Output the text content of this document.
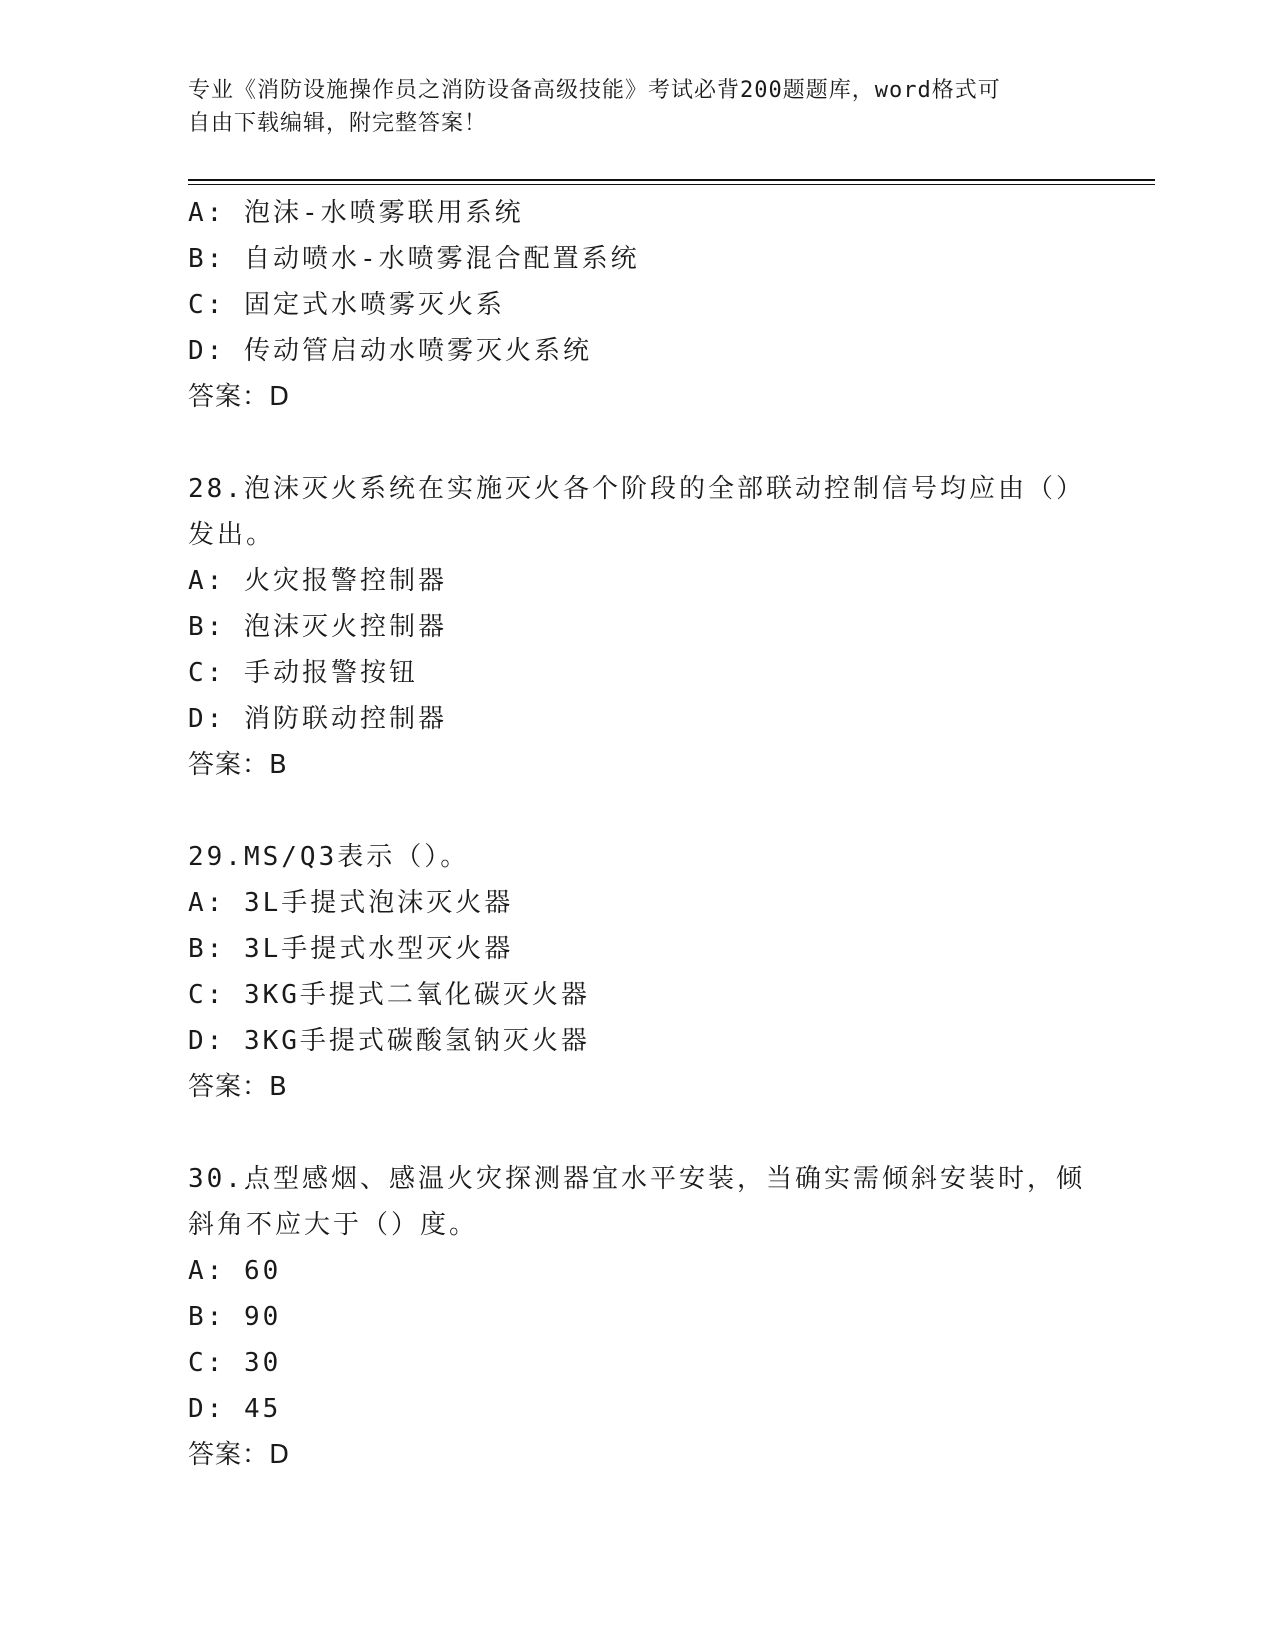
专业《消防设施操作员之消防设备高级技能》考试必背200题题库，word格式可
自由下载编辑，附完整答案！
A: 泡沫-水喷雾联用系统
B: 自动喷水-水喷雾混合配置系统
C: 固定式水喷雾灭火系
D: 传动管启动水喷雾灭火系统
答案：D
28.泡沫灭火系统在实施灭火各个阶段的全部联动控制信号均应由（）
发出。
A: 火灾报警控制器
B: 泡沫灭火控制器
C: 手动报警按钮
D: 消防联动控制器
答案：B
29.MS/Q3表示（）。
A: 3L手提式泡沫灭火器
B: 3L手提式水型灭火器
C: 3KG手提式二氧化碳灭火器
D: 3KG手提式碳酸氢钠灭火器
答案：B
30.点型感烟、感温火灾探测器宜水平安装，当确实需倾斜安装时，倾
斜角不应大于（）度。
A: 60
B: 90
C: 30
D: 45
答案：D
